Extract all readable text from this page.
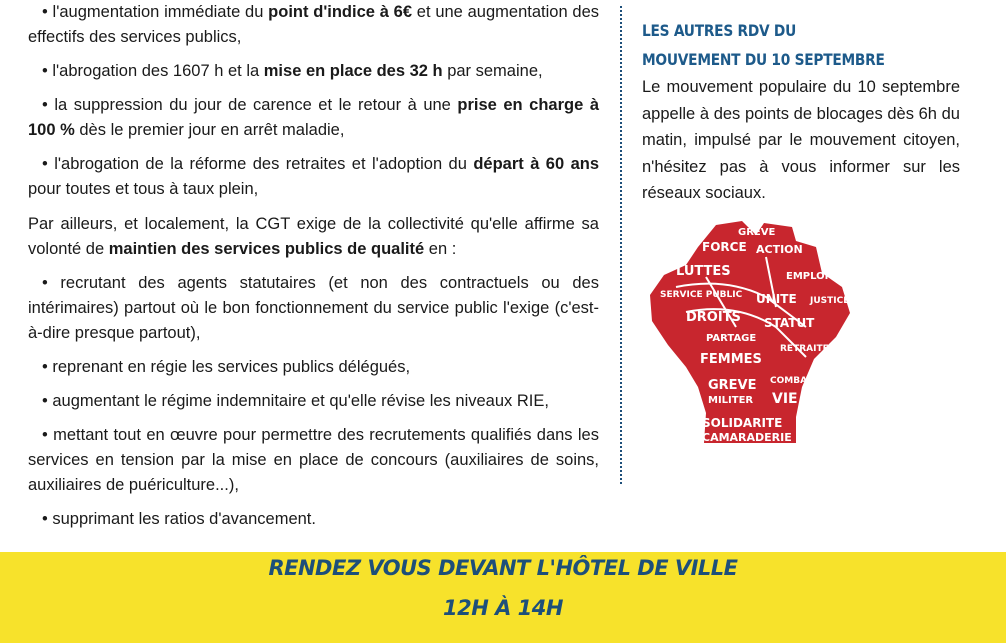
• l'augmentation immédiate du point d'indice à 6€ et une augmentation des effectifs des services publics,

• l'abrogation des 1607 h et la mise en place des 32 h par semaine,

• la suppression du jour de carence et le retour à une prise en charge à 100 % dès le premier jour en arrêt maladie,

• l'abrogation de la réforme des retraites et l'adoption du départ à 60 ans pour toutes et tous à taux plein,

Par ailleurs, et localement, la CGT exige de la collectivité qu'elle affirme sa volonté de maintien des services publics de qualité en :

• recrutant des agents statutaires (et non des contractuels ou des intérimaires) partout où le bon fonctionnement du service public l'exige (c'est-à-dire presque partout),

• reprenant en régie les services publics délégués,

• augmentant le régime indemnitaire et qu'elle révise les niveaux RIE,

• mettant tout en œuvre pour permettre des recrutements qualifiés dans les services en tension par la mise en place de concours (auxiliaires de soins, auxiliaires de puériculture...),

• supprimant les ratios d'avancement.

LES AUTRES RDV DU

MOUVEMENT DU 10 SEPTEMBRE

Le mouvement populaire du 10 septembre appelle à des points de blocages dès 6h du matin, impulsé par le mouvement citoyen, n'hésitez pas à vous informer sur les réseaux sociaux.

GREVE
FORCE ACTION
LUTTES	EMPLOI
SERVICE PUBLIC UNITE
DROITS
JUSTICE
PARTAGE
STATUT
FEMMES
RETRAITES
GREVE COMBAT
MILITER VIE
SOLIDARITE
CAMARADERIE
RENDEZ VOUS DEVANT L'HÔTEL DE VILLE
12H À 14H
